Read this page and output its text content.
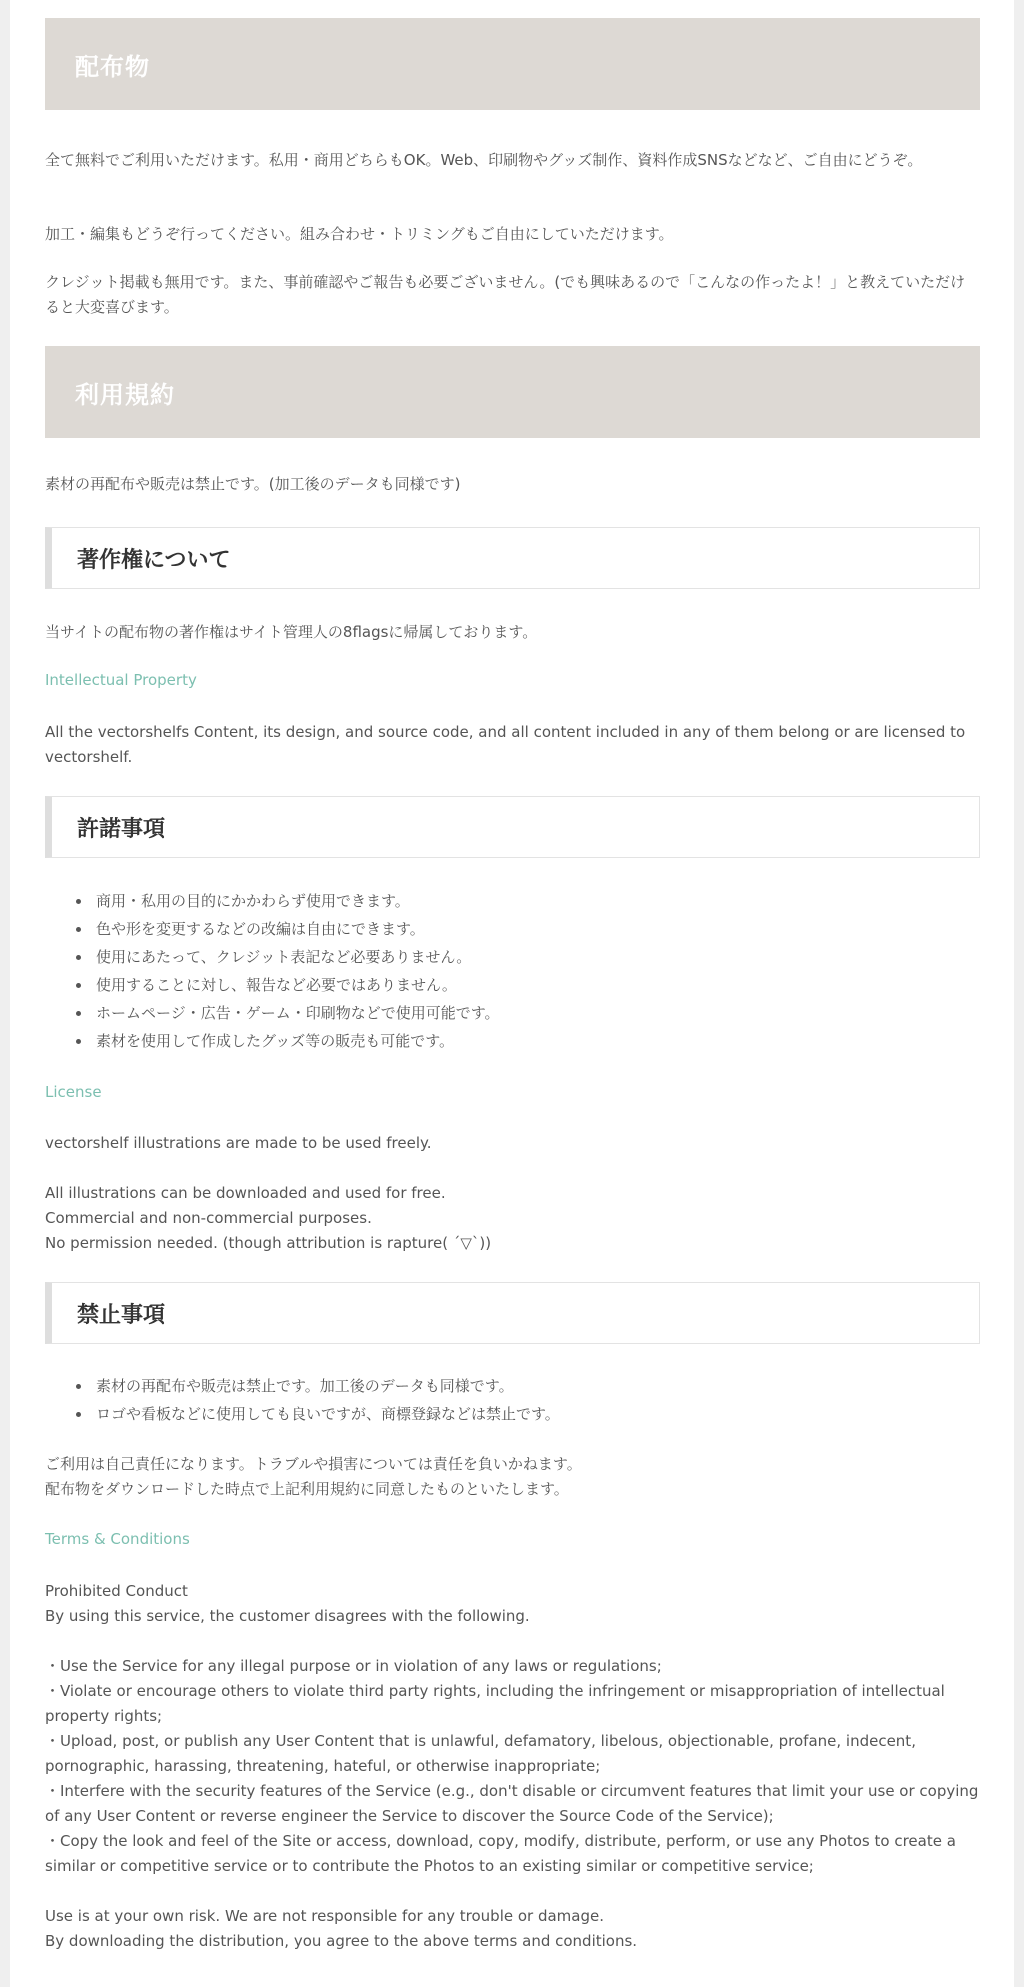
配布物

全て無料でご利用いただけます。私用・商用どちらもOK。Web、印刷物やグッズ制作、資料作成SNSなどなど、ご自由にどうぞ。

加工・編集もどうぞ行ってください。組み合わせ・トリミングもご自由にしていただけます。

クレジット掲載も無用です。また、事前確認やご報告も必要ございません。(でも興味あるので「こんなの作ったよ！」と教えていただけると大変喜びます。

利用規約

素材の再配布や販売は禁止です。(加工後のデータも同様です)

著作権について

当サイトの配布物の著作権はサイト管理人の8flagsに帰属しております。

Intellectual Property

All the vectorshelfs Content, its design, and source code, and all content included in any of them belong or are licensed to vectorshelf.

許諾事項
• 商用・私用の目的にかかわらず使用できます。
• 色や形を変更するなどの改編は自由にできます。
• 使用にあたって、クレジット表記など必要ありません。
• 使用することに対し、報告など必要ではありません。
• ホームページ・広告・ゲーム・印刷物などで使用可能です。
• 素材を使用して作成したグッズ等の販売も可能です。
License

vectorshelf illustrations are made to be used freely.

All illustrations can be downloaded and used for free.
Commercial and non-commercial purposes.
No permission needed. (though attribution is rapture( ´▽`))

禁止事項
• 素材の再配布や販売は禁止です。加工後のデータも同様です。
• ロゴや看板などに使用しても良いですが、商標登録などは禁止です。

ご利用は自己責任になります。トラブルや損害については責任を負いかねます。
配布物をダウンロードした時点で上記利用規約に同意したものといたします。

Terms & Conditions

Prohibited Conduct
By using this service, the customer disagrees with the following.

・Use the Service for any illegal purpose or in violation of any laws or regulations;
・Violate or encourage others to violate third party rights, including the infringement or misappropriation of intellectual property rights;
・Upload, post, or publish any User Content that is unlawful, defamatory, libelous, objectionable, profane, indecent, pornographic, harassing, threatening, hateful, or otherwise inappropriate;
・Interfere with the security features of the Service (e.g., don't disable or circumvent features that limit your use or copying of any User Content or reverse engineer the Service to discover the Source Code of the Service);
・Copy the look and feel of the Site or access, download, copy, modify, distribute, perform, or use any Photos to create a similar or competitive service or to contribute the Photos to an existing similar or competitive service;

Use is at your own risk. We are not responsible for any trouble or damage.
By downloading the distribution, you agree to the above terms and conditions.
